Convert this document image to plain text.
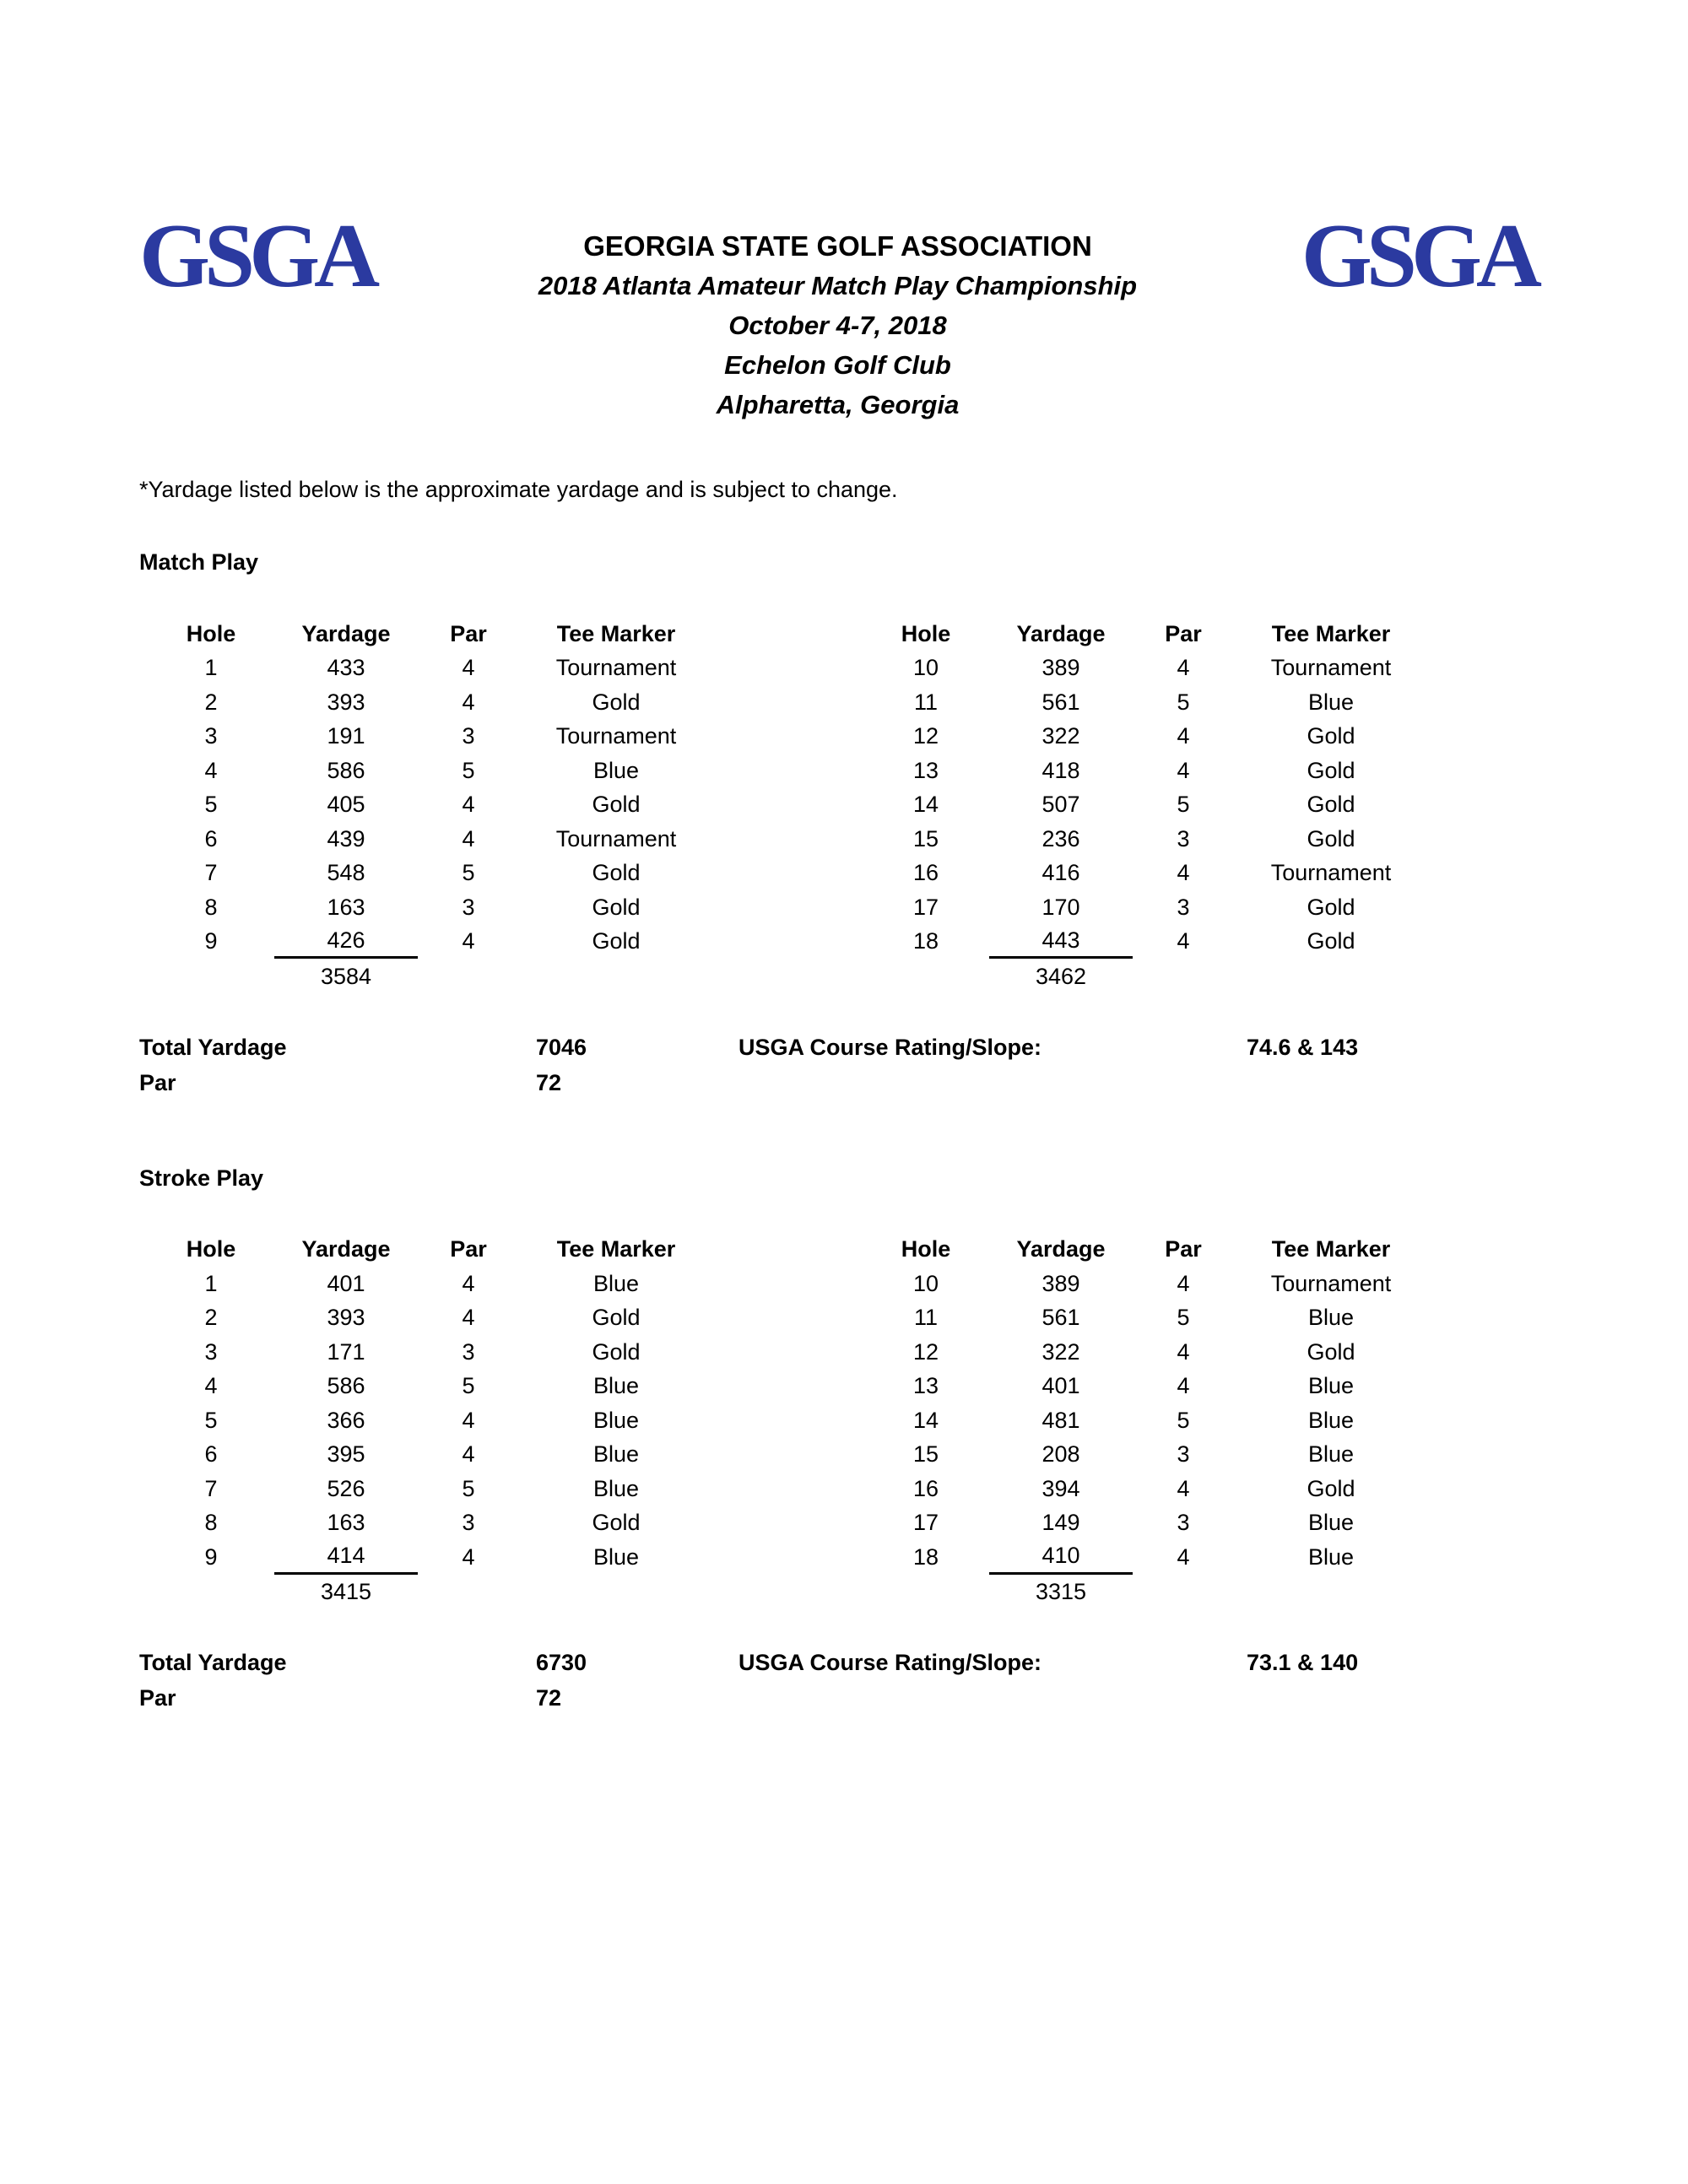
GSGA	GEORGIA STATE GOLF ASSOCIATION
2018 Atlanta Amateur Match Play Championship
October 4-7, 2018
Echelon Golf Club
Alpharetta, Georgia
GSGA
*Yardage listed below is the approximate yardage and is subject to change.
Match Play
Hole	Yardage	Par	Tee Marker
1	433	4	Tournament
2	393	4	Gold
3	191	3	Tournament
4	586	5	Blue
5	405	4	Gold
6	439	4	Tournament
7	548	5	Gold
8	163	3	Gold
9	426	4	Gold
3584
Hole	Yardage	Par	Tee Marker
10	389	4	Tournament
11	561	5	Blue
12	322	4	Gold
13	418	4	Gold
14	507	5	Gold
15	236	3	Gold
16	416	4	Tournament
17	170	3	Gold
18	443	4	Gold
3462
Total Yardage	7046	USGA Course Rating/Slope:	74.6 & 143
Par	72
Stroke Play
Hole	Yardage	Par	Tee Marker
1	401	4	Blue
2	393	4	Gold
3	171	3	Gold
4	586	5	Blue
5	366	4	Blue
6	395	4	Blue
7	526	5	Blue
8	163	3	Gold
9	414	4	Blue
3415
Hole	Yardage	Par	Tee Marker
10	389	4	Tournament
11	561	5	Blue
12	322	4	Gold
13	401	4	Blue
14	481	5	Blue
15	208	3	Blue
16	394	4	Gold
17	149	3	Blue
18	410	4	Blue
3315
Total Yardage	6730	USGA Course Rating/Slope:	73.1 & 140
Par	72
